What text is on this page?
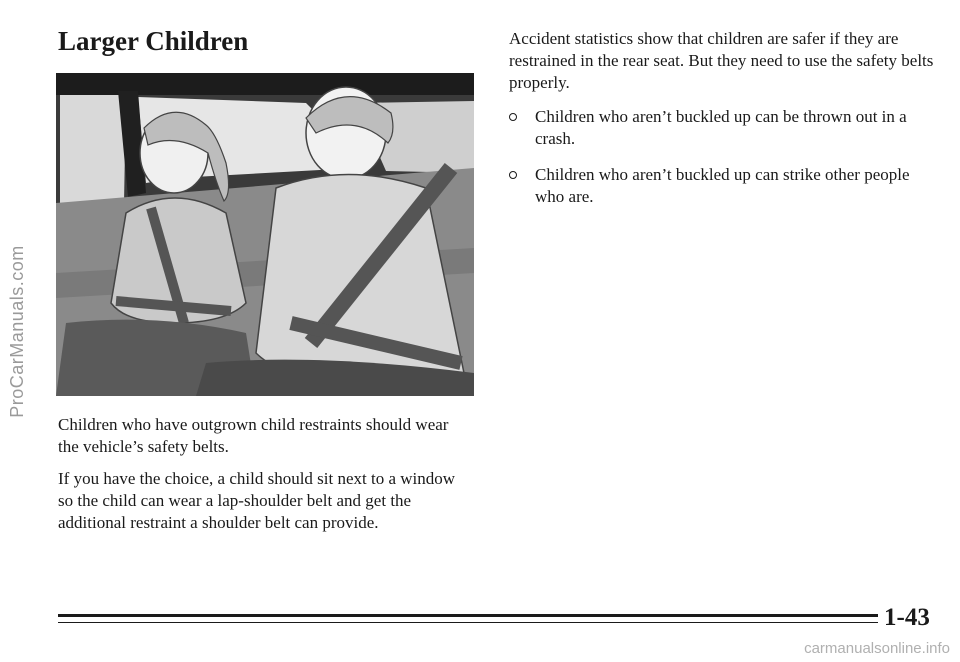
ProCarManuals.com
Larger Children

Children who have outgrown child restraints should wear the vehicle’s safety belts.

If you have the choice, a child should sit next to a window so the child can wear a lap-shoulder belt and get the additional restraint a shoulder belt can provide.

Accident statistics show that children are safer if they are restrained in the rear seat. But they need to use the safety belts properly.

Children who aren’t buckled up can be thrown out in a crash.
Children who aren’t buckled up can strike other people who are.

1-43

carmanualsonline.info
